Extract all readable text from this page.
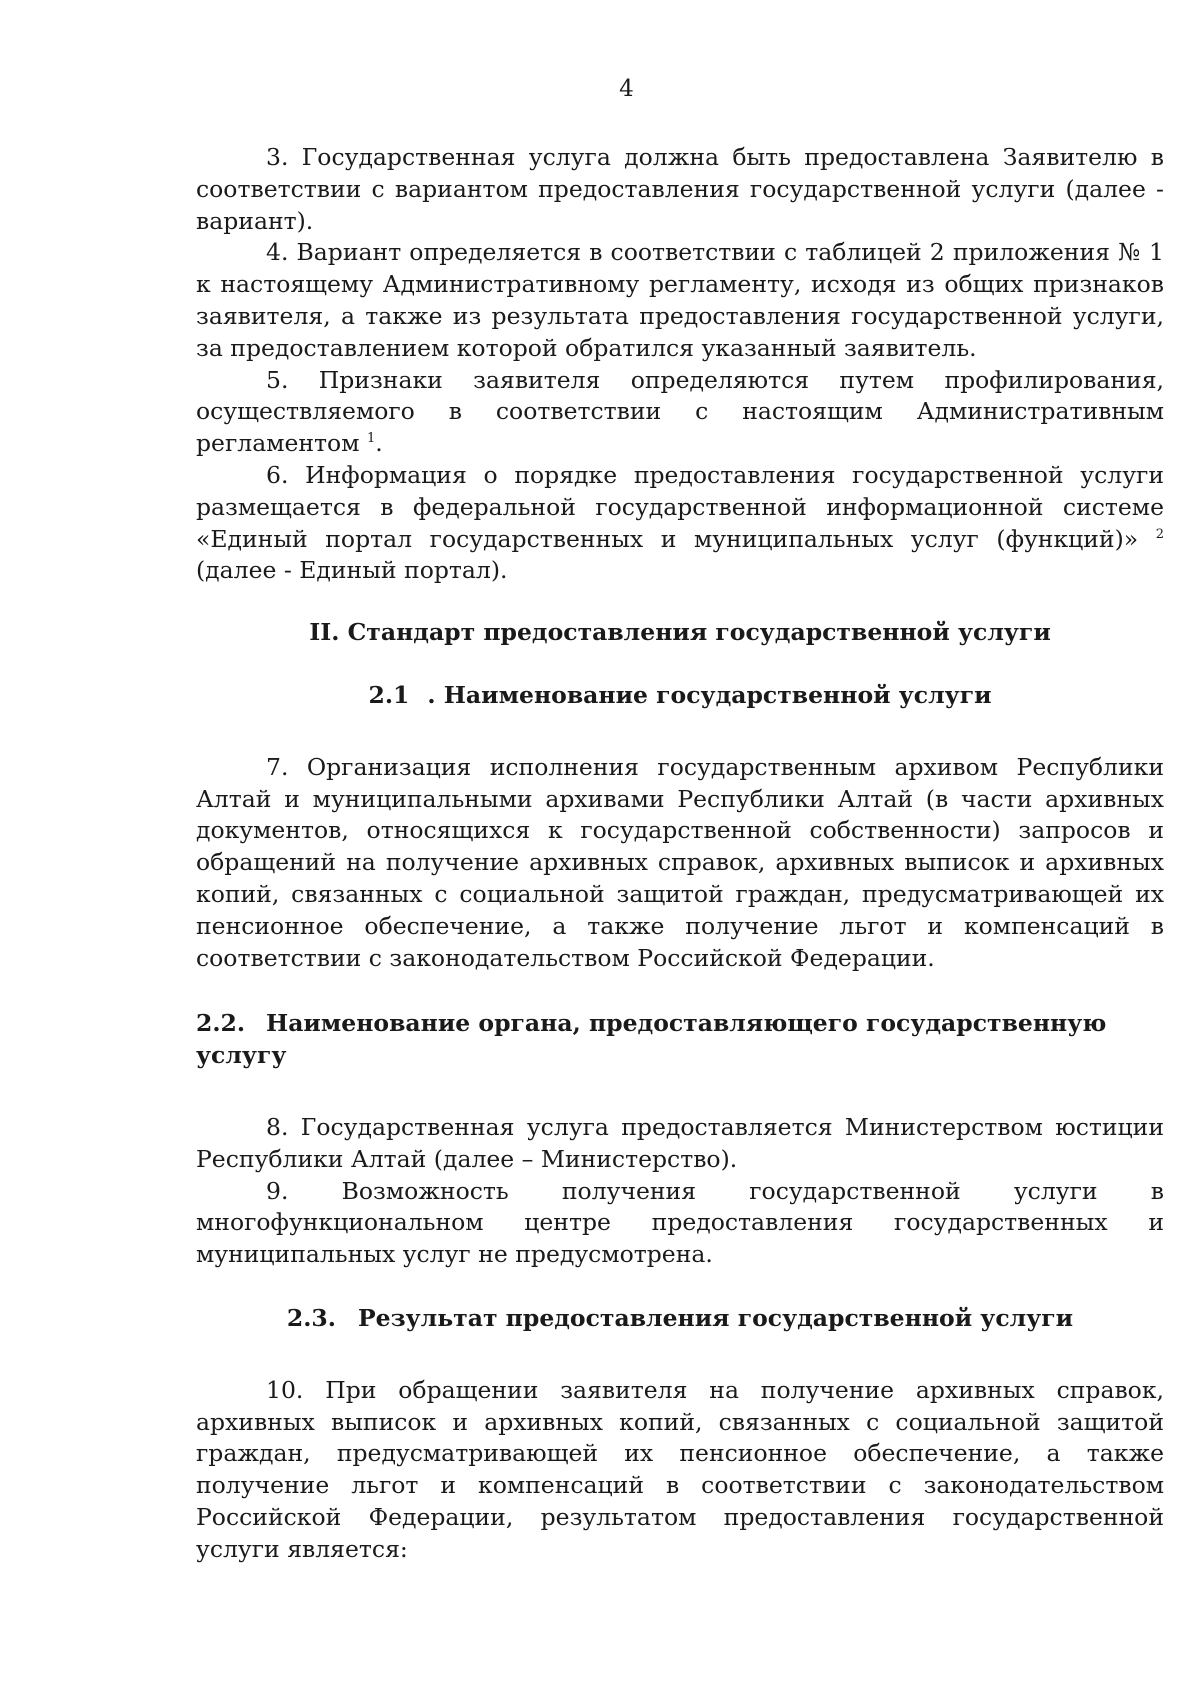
4

3. Государственная услуга должна быть предоставлена Заявителю в соответствии с вариантом предоставления государственной услуги (далее - вариант).

4. Вариант определяется в соответствии с таблицей 2 приложения № 1 к настоящему Административному регламенту, исходя из общих признаков заявителя, а также из результата предоставления государственной услуги, за предоставлением которой обратился указанный заявитель.

5. Признаки заявителя определяются путем профилирования, осуществляемого в соответствии с настоящим Административным регламентом $^1$.

6. Информация о порядке предоставления государственной услуги размещается в федеральной государственной информационной системе «Единый портал государственных и муниципальных услуг (функций)» $^2$ (далее - Единый портал).

II. Стандарт предоставления государственной услуги

2.1 . Наименование государственной услуги

7. Организация исполнения государственным архивом Республики Алтай и муниципальными архивами Республики Алтай (в части архивных документов, относящихся к государственной собственности) запросов и обращений на получение архивных справок, архивных выписок и архивных копий, связанных с социальной защитой граждан, предусматривающей их пенсионное обеспечение, а также получение льгот и компенсаций в соответствии с законодательством Российской Федерации.

2.2. Наименование органа, предоставляющего государственную услугу

8. Государственная услуга предоставляется Министерством юстиции Республики Алтай (далее – Министерство).

9. Возможность получения государственной услуги в многофункциональном центре предоставления государственных и муниципальных услуг не предусмотрена.

2.3. Результат предоставления государственной услуги

10. При обращении заявителя на получение архивных справок, архивных выписок и архивных копий, связанных с социальной защитой граждан, предусматривающей их пенсионное обеспечение, а также получение льгот и компенсаций в соответствии с законодательством Российской Федерации, результатом предоставления государственной услуги является:
